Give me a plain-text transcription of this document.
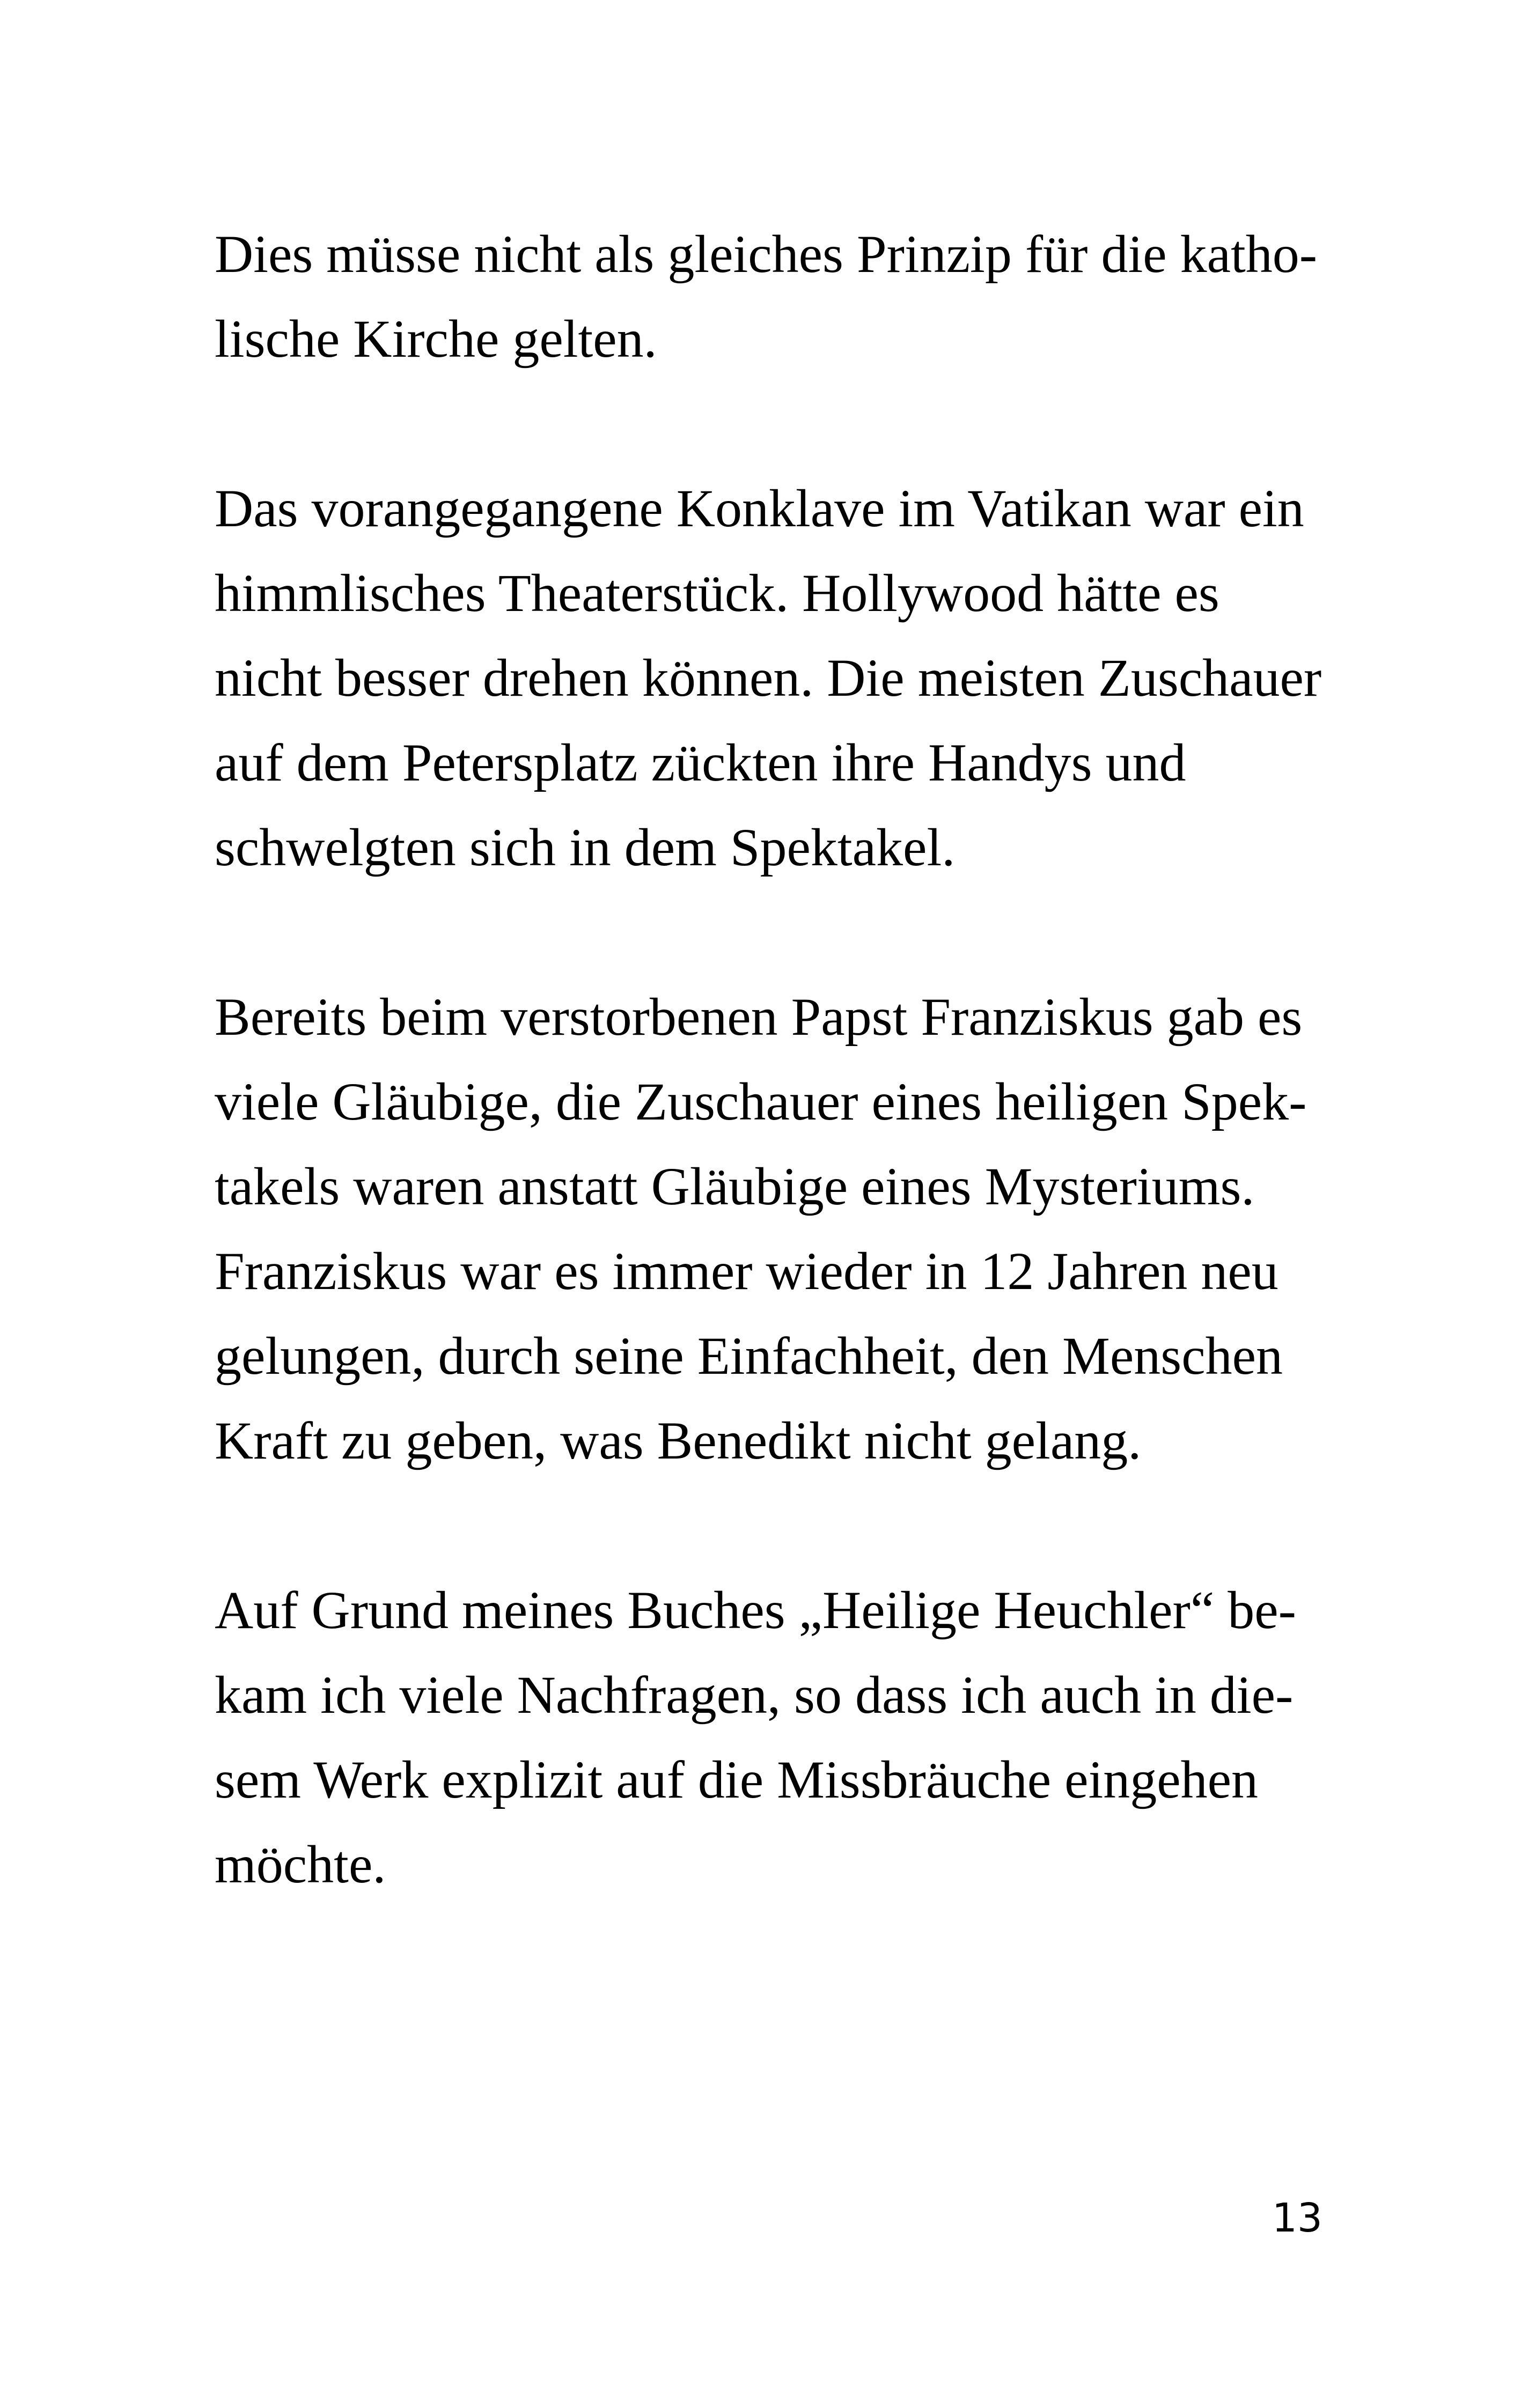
Dies müsse nicht als gleiches Prinzip für die katho-
lische Kirche gelten.

Das vorangegangene Konklave im Vatikan war ein
himmlisches Theaterstück. Hollywood hätte es
nicht besser drehen können. Die meisten Zuschauer
auf dem Petersplatz zückten ihre Handys und
schwelgten sich in dem Spektakel.

Bereits beim verstorbenen Papst Franziskus gab es
viele Gläubige, die Zuschauer eines heiligen Spek-
takels waren anstatt Gläubige eines Mysteriums.
Franziskus war es immer wieder in 12 Jahren neu
gelungen, durch seine Einfachheit, den Menschen
Kraft zu geben, was Benedikt nicht gelang.

Auf Grund meines Buches „Heilige Heuchler“ be-
kam ich viele Nachfragen, so dass ich auch in die-
sem Werk explizit auf die Missbräuche eingehen
möchte.

13
